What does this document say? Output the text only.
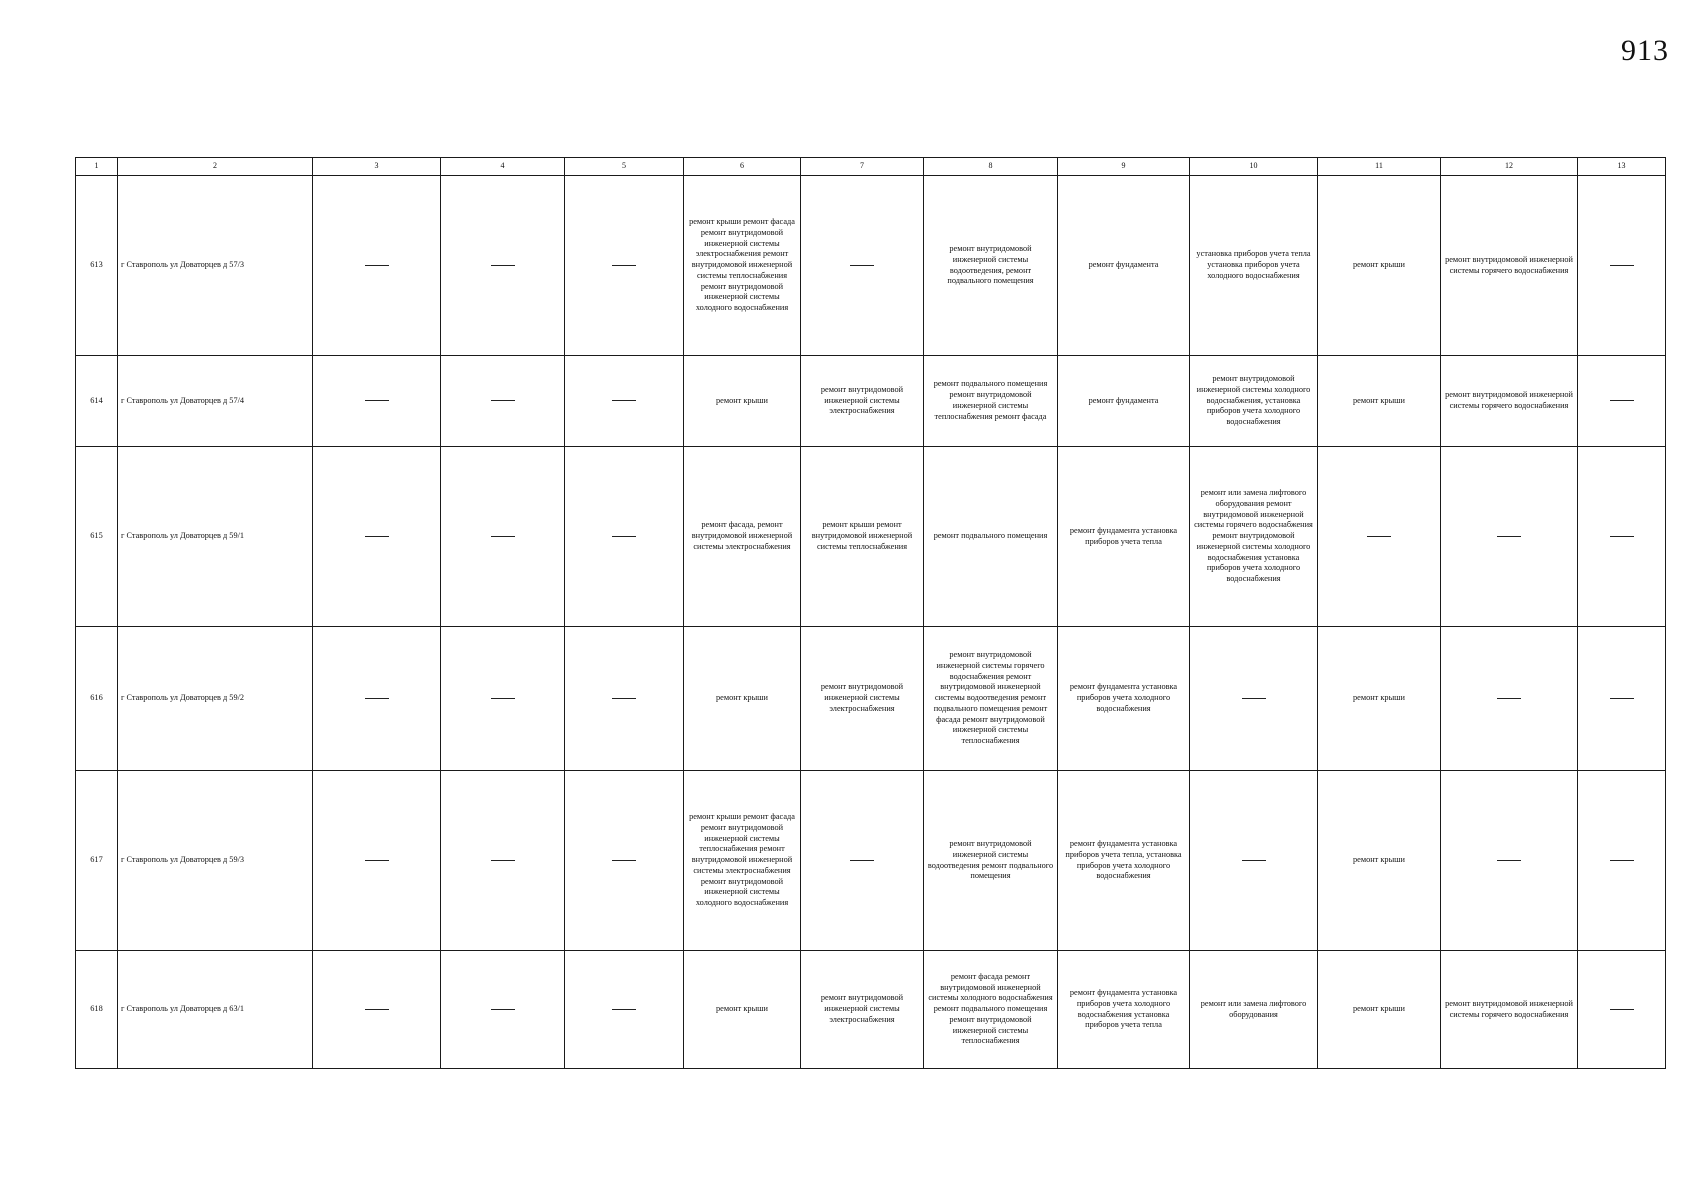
913
1	2	3	4	5	6	7	8	9	10	11	12	13
613	г Ставрополь ул Доваторцев д 57/3				ремонт крыши ремонт фасада ремонт внутридомовой инженерной системы электроснабжения ремонт внутридомовой инженерной системы теплоснабжения ремонт внутридомовой инженерной системы холодного водоснабжения		ремонт внутридомовой инженерной системы водоотведения, ремонт подвального помещения	ремонт фундамента	установка приборов учета тепла установка приборов учета холодного водоснабжения	ремонт крыши	ремонт внутридомовой инженерной системы горячего водоснабжения	
614	г Ставрополь ул Доваторцев д 57/4				ремонт крыши	ремонт внутридомовой инженерной системы электроснабжения	ремонт подвального помещения ремонт внутридомовой инженерной системы теплоснабжения ремонт фасада	ремонт фундамента	ремонт внутридомовой инженерной системы холодного водоснабжения, установка приборов учета холодного водоснабжения	ремонт крыши	ремонт внутридомовой инженерной системы горячего водоснабжения	
615	г Ставрополь ул Доваторцев д 59/1				ремонт фасада, ремонт внутридомовой инженерной системы электроснабжения	ремонт крыши ремонт внутридомовой инженерной системы теплоснабжения	ремонт подвального помещения	ремонт фундамента установка приборов учета тепла	ремонт или замена лифтового оборудования ремонт внутридомовой инженерной системы горячего водоснабжения ремонт внутридомовой инженерной системы холодного водоснабжения установка приборов учета холодного водоснабжения			
616	г Ставрополь ул Доваторцев д 59/2				ремонт крыши	ремонт внутридомовой инженерной системы электроснабжения	ремонт внутридомовой инженерной системы горячего водоснабжения ремонт внутридомовой инженерной системы водоотведения ремонт подвального помещения ремонт фасада ремонт внутридомовой инженерной системы теплоснабжения	ремонт фундамента установка приборов учета холодного водоснабжения		ремонт крыши		
617	г Ставрополь ул Доваторцев д 59/3				ремонт крыши ремонт фасада ремонт внутридомовой инженерной системы теплоснабжения ремонт внутридомовой инженерной системы электроснабжения ремонт внутридомовой инженерной системы холодного водоснабжения		ремонт внутридомовой инженерной системы водоотведения ремонт подвального помещения	ремонт фундамента установка приборов учета тепла, установка приборов учета холодного водоснабжения		ремонт крыши		
618	г Ставрополь ул Доваторцев д 63/1				ремонт крыши	ремонт внутридомовой инженерной системы электроснабжения	ремонт фасада ремонт внутридомовой инженерной системы холодного водоснабжения ремонт подвального помещения ремонт внутридомовой инженерной системы теплоснабжения	ремонт фундамента установка приборов учета холодного водоснабжения установка приборов учета тепла	ремонт или замена лифтового оборудования	ремонт крыши	ремонт внутридомовой инженерной системы горячего водоснабжения	
